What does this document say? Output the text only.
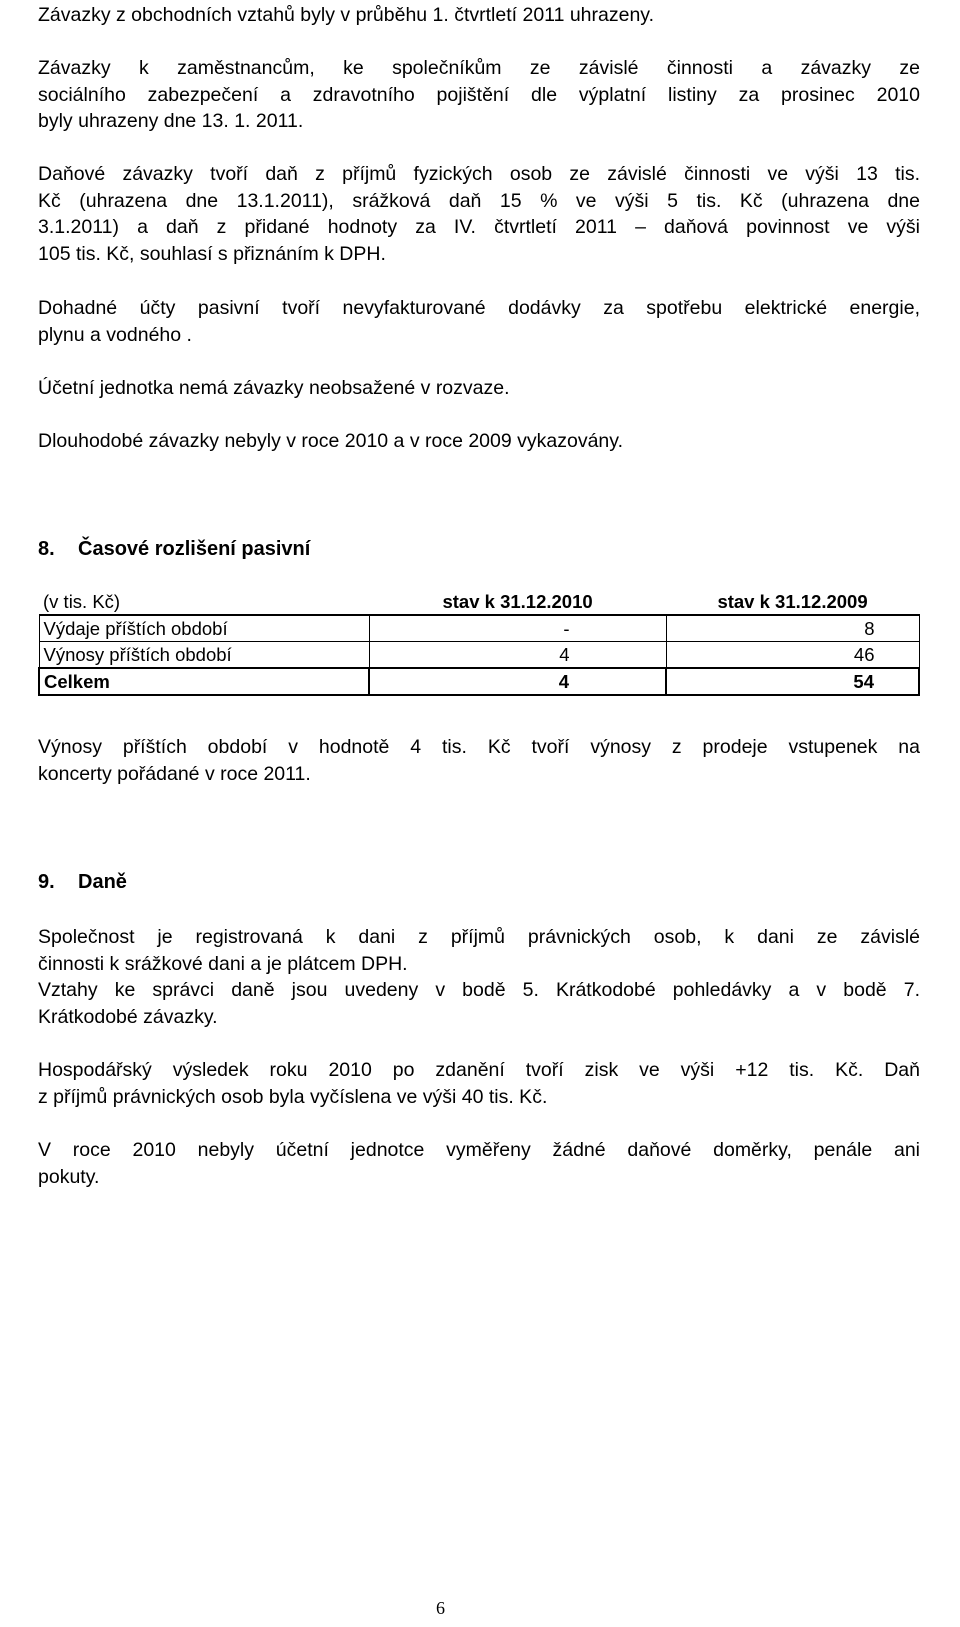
Závazky z obchodních vztahů byly v průběhu 1. čtvrtletí 2011 uhrazeny.

Závazky k zaměstnancům, ke společníkům ze závislé činnosti a závazky ze
sociálního zabezpečení a zdravotního pojištění dle výplatní listiny za prosinec 2010
byly uhrazeny dne 13. 1. 2011.

Daňové závazky tvoří daň z příjmů fyzických osob ze závislé činnosti ve výši 13 tis.
Kč (uhrazena dne 13.1.2011), srážková daň 15 % ve výši 5 tis. Kč (uhrazena dne
3.1.2011) a daň z přidané hodnoty za IV. čtvrtletí 2011 – daňová povinnost ve výši
105 tis. Kč, souhlasí s přiznáním k DPH.

Dohadné účty pasivní tvoří nevyfakturované dodávky za spotřebu elektrické energie,
plynu a vodného .

Účetní jednotka nemá závazky neobsažené v rozvaze.

Dlouhodobé závazky nebyly v roce 2010 a v roce 2009 vykazovány.

8. Časové rozlišení pasivní
(v tis. Kč)	stav k 31.12.2010	stav k 31.12.2009
Výdaje příštích období	-	8
Výnosy příštích období	4	46
Celkem	4	54

Výnosy příštích období v hodnotě 4 tis. Kč tvoří výnosy z prodeje vstupenek na
koncerty pořádané v roce 2011.

9. Daně

Společnost je registrovaná k dani z příjmů právnických osob, k dani ze závislé
činnosti k srážkové dani a je plátcem DPH.
Vztahy ke správci daně jsou uvedeny v bodě 5. Krátkodobé pohledávky a v bodě 7.
Krátkodobé závazky.

Hospodářský výsledek roku 2010 po zdanění tvoří zisk ve výši +12 tis. Kč. Daň
z příjmů právnických osob byla vyčíslena ve výši 40 tis. Kč.

V roce 2010 nebyly účetní jednotce vyměřeny žádné daňové doměrky, penále ani
pokuty.

6
